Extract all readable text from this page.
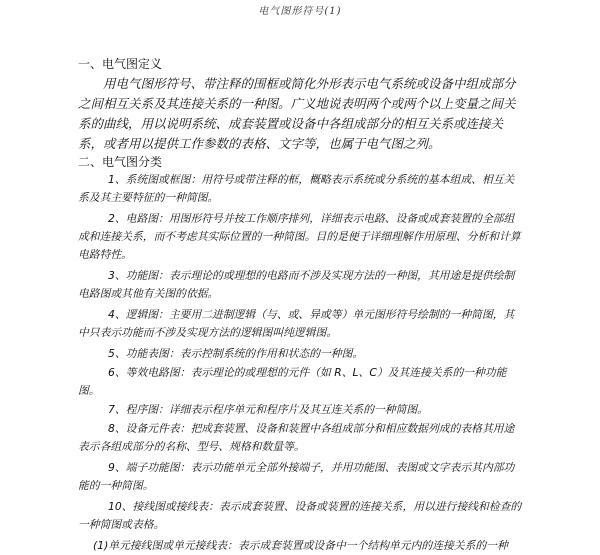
电气图形符号(1)

一、电气图定义

用电气图形符号、带注释的围框或简化外形表示电气系统或设备中组成部分之间相互关系及其连接关系的一种图。广义地说表明两个或两个以上变量之间关系的曲线，用以说明系统、成套装置或设备中各组成部分的相互关系或连接关系，或者用以提供工作参数的表格、文字等，也属于电气图之列。

二、电气图分类

1、系统图或框图：用符号或带注释的框，概略表示系统或分系统的基本组成、相互关系及其主要特征的一种简图。

2、电路图：用图形符号并按工作顺序排列，详细表示电路、设备或成套装置的全部组成和连接关系，而不考虑其实际位置的一种简图。目的是便于详细理解作用原理、分析和计算电路特性。

3、功能图：表示理论的或理想的电路而不涉及实现方法的一种图，其用途是提供绘制电路图或其他有关图的依据。

4、逻辑图：主要用二进制逻辑（与、或、异或等）单元图形符号绘制的一种简图，其中只表示功能而不涉及实现方法的逻辑图叫纯逻辑图。

5、功能表图：表示控制系统的作用和状态的一种图。

6、等效电路图：表示理论的或理想的元件（如 R、L、C）及其连接关系的一种功能图。

7、程序图：详细表示程序单元和程序片及其互连关系的一种简图。

8、设备元件表：把成套装置、设备和装置中各组成部分和相应数据列成的表格其用途表示各组成部分的名称、型号、规格和数量等。

9、端子功能图：表示功能单元全部外接端子，并用功能图、表图或文字表示其内部功能的一种简图。

10、接线图或接线表：表示成套装置、设备或装置的连接关系，用以进行接线和检查的一种简图或表格。

(1)单元接线图或单元接线表：表示成套装置或设备中一个结构单元内的连接关系的一种
